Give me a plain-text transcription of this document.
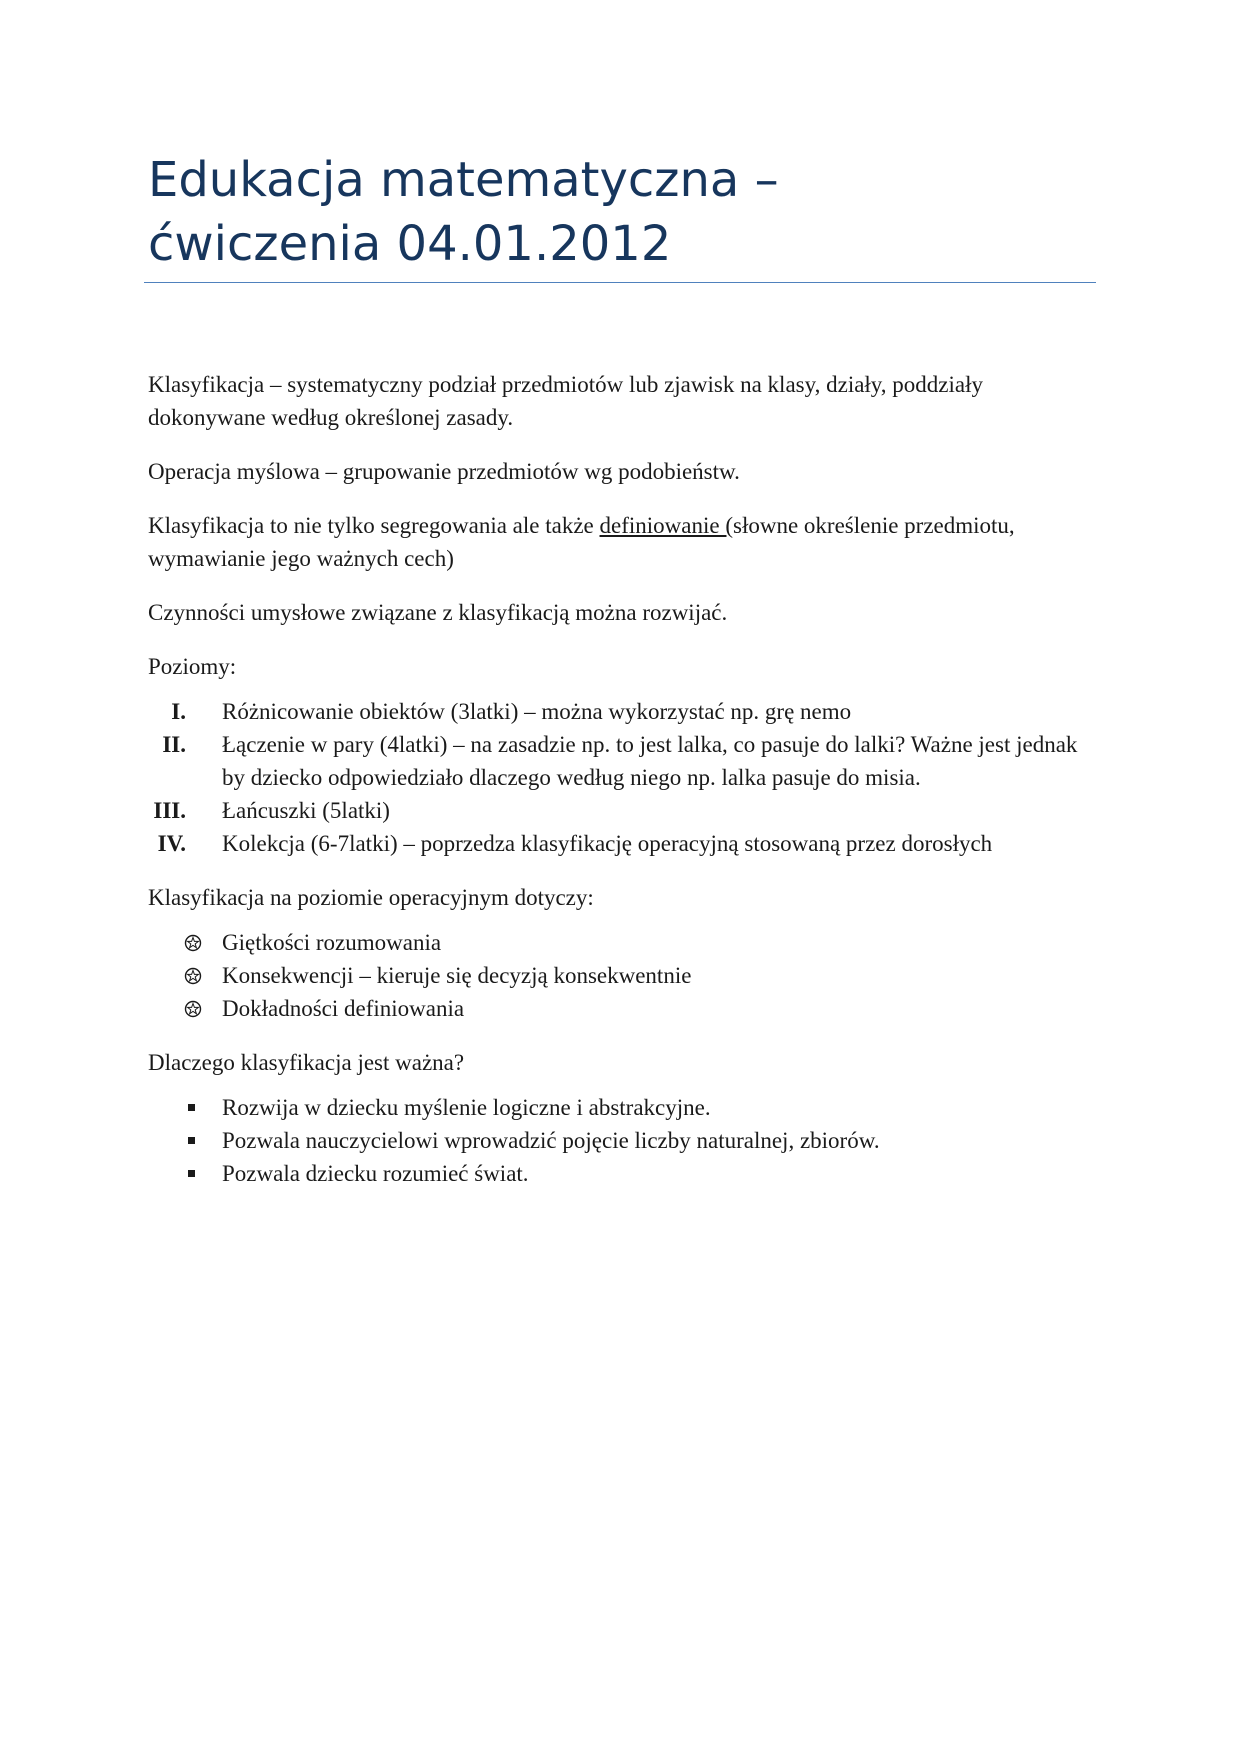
Edukacja matematyczna –
ćwiczenia 04.01.2012

Klasyfikacja – systematyczny podział przedmiotów lub zjawisk na klasy, działy, poddziały dokonywane według określonej zasady.

Operacja myślowa – grupowanie przedmiotów wg podobieństw.

Klasyfikacja to nie tylko segregowania ale także definiowanie (słowne określenie przedmiotu, wymawianie jego ważnych cech)

Czynności umysłowe związane z klasyfikacją można rozwijać.

Poziomy:

I. Różnicowanie obiektów (3latki) – można wykorzystać np. grę nemo
II. Łączenie w pary (4latki) – na zasadzie np. to jest lalka, co pasuje do lalki? Ważne jest jednak by dziecko odpowiedziało dlaczego według niego np. lalka pasuje do misia.
III. Łańcuszki (5latki)
IV. Kolekcja (6-7latki) – poprzedza klasyfikację operacyjną stosowaną przez dorosłych

Klasyfikacja na poziomie operacyjnym dotyczy:

Giętkości rozumowania
Konsekwencji – kieruje się decyzją konsekwentnie
Dokładności definiowania

Dlaczego klasyfikacja jest ważna?

Rozwija w dziecku myślenie logiczne i abstrakcyjne.
Pozwala nauczycielowi wprowadzić pojęcie liczby naturalnej, zbiorów.
Pozwala dziecku rozumieć świat.
